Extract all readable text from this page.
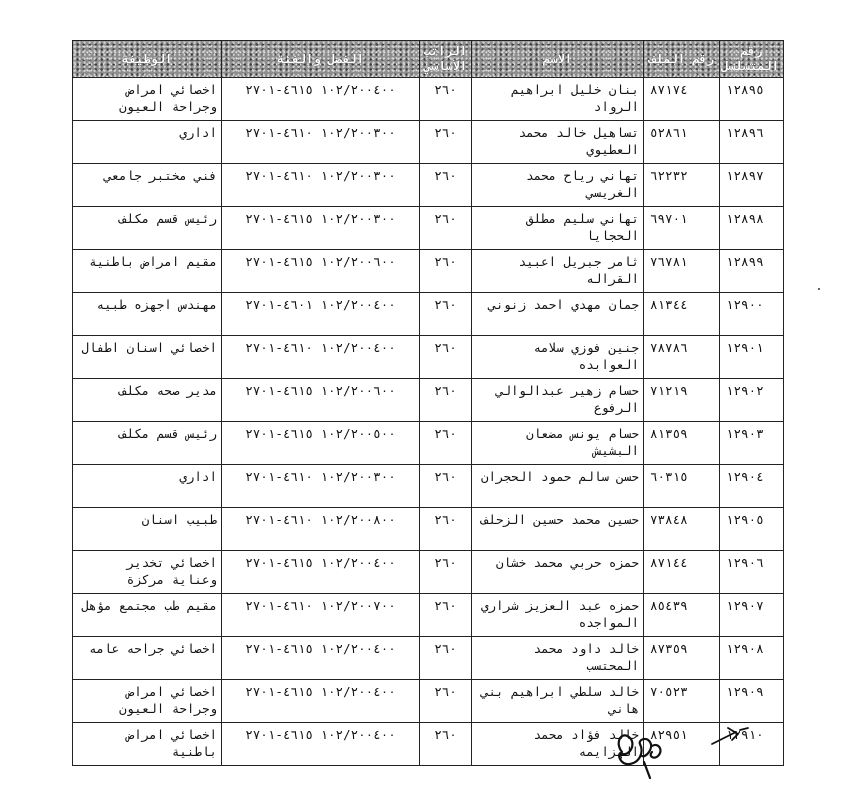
رقم المتسلسل	رقم الملف	الاسم	الراتب الأساسي	الفصل والفئة	الوظيفة
١٢٨٩٥	٨٧١٧٤	بنان خليل ابراهيم الرواد	٢٦٠	١٠٢/٢٠٠٤٠٠ ٤٦١٥-٢٧٠١	اخصائي امراض وجراحة العيون
١٢٨٩٦	٥٢٨٦١	تساهيل خالد محمد العطيوي	٢٦٠	١٠٢/٢٠٠٣٠٠ ٤٦١٠-٢٧٠١	اداري
١٢٨٩٧	٦٢٢٣٢	تهاني رياح محمد الغريسي	٢٦٠	١٠٢/٢٠٠٣٠٠ ٤٦١٠-٢٧٠١	فني مختبر جامعي
١٢٨٩٨	٦٩٧٠١	تهاني سليم مطلق الحجايا	٢٦٠	١٠٢/٢٠٠٣٠٠ ٤٦١٥-٢٧٠١	رئيس قسم مكلف
١٢٨٩٩	٧٦٧٨١	ثامر جبريل اعبيد القراله	٢٦٠	١٠٢/٢٠٠٦٠٠ ٤٦١٥-٢٧٠١	مقيم امراض باطنية
١٢٩٠٠	٨١٣٤٤	جمان مهدي احمد زنوني	٢٦٠	١٠٢/٢٠٠٤٠٠ ٤٦٠١-٢٧٠١	مهندس اجهزه طبيه
١٢٩٠١	٧٨٧٨٦	جنين فوزي سلامه العوابده	٢٦٠	١٠٢/٢٠٠٤٠٠ ٤٦١٠-٢٧٠١	اخصائي اسنان اطفال
١٢٩٠٢	٧١٢١٩	حسام زهير عبدالوالي الرفوع	٢٦٠	١٠٢/٢٠٠٦٠٠ ٤٦١٥-٢٧٠١	مدير صحه مكلف
١٢٩٠٣	٨١٣٥٩	حسام يونس مضعان البشيش	٢٦٠	١٠٢/٢٠٠٥٠٠ ٤٦١٥-٢٧٠١	رئيس قسم مكلف
١٢٩٠٤	٦٠٣١٥	حسن سالم حمود الحجران	٢٦٠	١٠٢/٢٠٠٣٠٠ ٤٦١٠-٢٧٠١	اداري
١٢٩٠٥	٧٣٨٤٨	حسين محمد حسين الزحلف	٢٦٠	١٠٢/٢٠٠٨٠٠ ٤٦١٠-٢٧٠١	طبيب اسنان
١٢٩٠٦	٨٧١٤٤	حمزه حربي محمد خشان	٢٦٠	١٠٢/٢٠٠٤٠٠ ٤٦١٥-٢٧٠١	اخصائي تخدير وعناية مركزة
١٢٩٠٧	٨٥٤٣٩	حمزه عبد العزيز شراري المواجده	٢٦٠	١٠٢/٢٠٠٧٠٠ ٤٦١٠-٢٧٠١	مقيم طب مجتمع مؤهل
١٢٩٠٨	٨٧٣٥٩	خالد داود محمد المحتسب	٢٦٠	١٠٢/٢٠٠٤٠٠ ٤٦١٥-٢٧٠١	اخصائي جراحه عامه
١٢٩٠٩	٧٠٥٢٣	خالد سلطي ابراهيم بني هاني	٢٦٠	١٠٢/٢٠٠٤٠٠ ٤٦١٥-٢٧٠١	اخصائي امراض وجراحة العيون
١٢٩١٠	٨٢٩٥١	خالد فؤاد محمد الهزايمه	٢٦٠	١٠٢/٢٠٠٤٠٠ ٤٦١٥-٢٧٠١	اخصائي امراض باطنية
